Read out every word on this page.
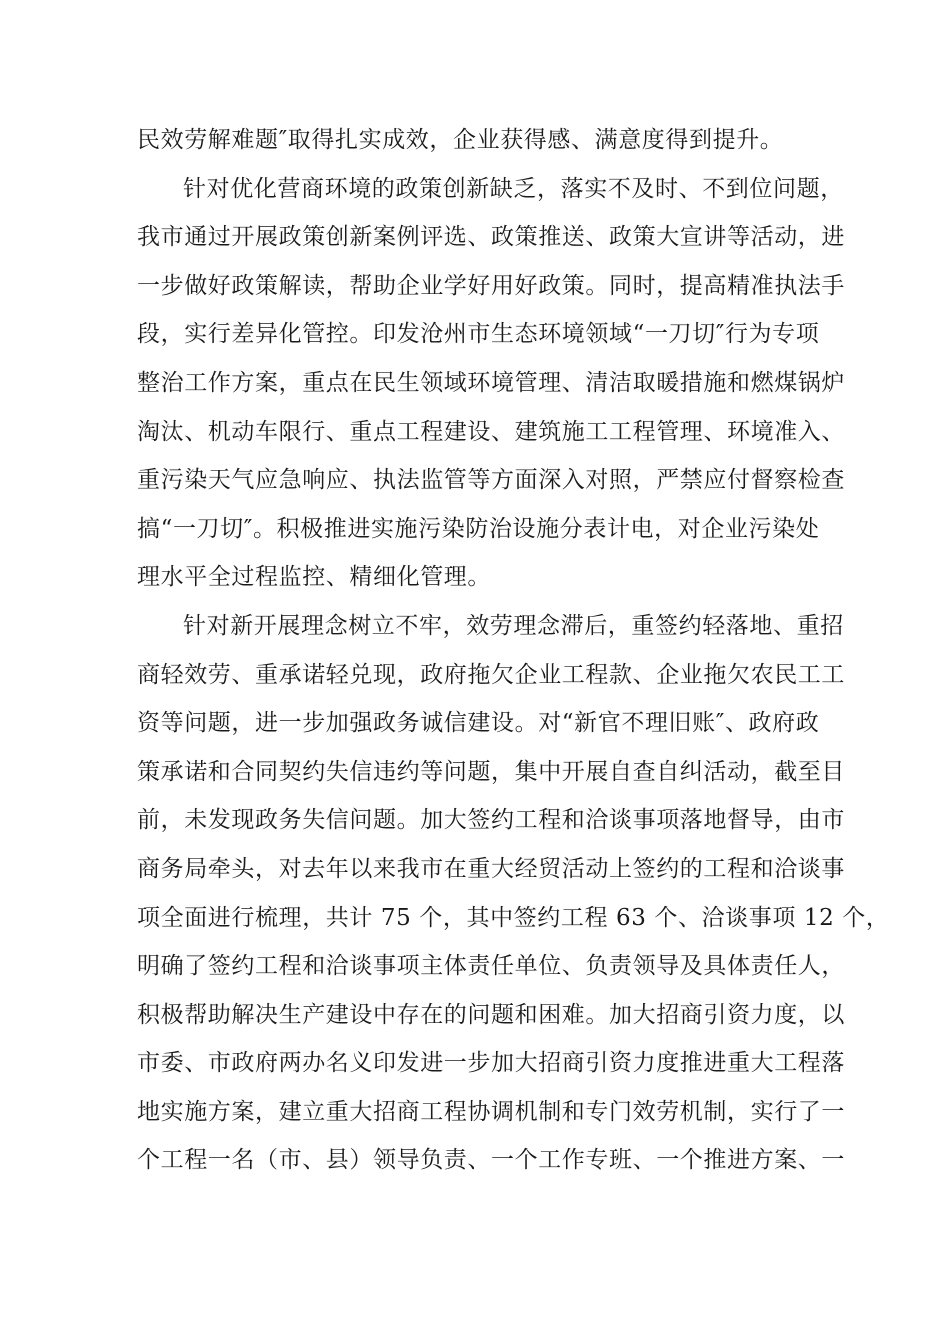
民效劳解难题″取得扎实成效，企业获得感、满意度得到提升。
针对优化营商环境的政策创新缺乏，落实不及时、不到位问题，
我市通过开展政策创新案例评选、政策推送、政策大宣讲等活动，进
一步做好政策解读，帮助企业学好用好政策。同时，提高精准执法手
段，实行差异化管控。印发沧州市生态环境领域“一刀切″行为专项
整治工作方案，重点在民生领域环境管理、清洁取暖措施和燃煤锅炉
淘汰、机动车限行、重点工程建设、建筑施工工程管理、环境准入、
重污染天气应急响应、执法监管等方面深入对照，严禁应付督察检查
搞“一刀切″。积极推进实施污染防治设施分表计电，对企业污染处
理水平全过程监控、精细化管理。
针对新开展理念树立不牢，效劳理念滞后，重签约轻落地、重招
商轻效劳、重承诺轻兑现，政府拖欠企业工程款、企业拖欠农民工工
资等问题，进一步加强政务诚信建设。对“新官不理旧账″、政府政
策承诺和合同契约失信违约等问题，集中开展自查自纠活动，截至目
前，未发现政务失信问题。加大签约工程和洽谈事项落地督导，由市
商务局牵头，对去年以来我市在重大经贸活动上签约的工程和洽谈事
项全面进行梳理，共计 75 个，其中签约工程 63 个、洽谈事项 12 个，
明确了签约工程和洽谈事项主体责任单位、负责领导及具体责任人，
积极帮助解决生产建设中存在的问题和困难。加大招商引资力度，以
市委、市政府两办名义印发进一步加大招商引资力度推进重大工程落
地实施方案，建立重大招商工程协调机制和专门效劳机制，实行了一
个工程一名（市、县）领导负责、一个工作专班、一个推进方案、一
